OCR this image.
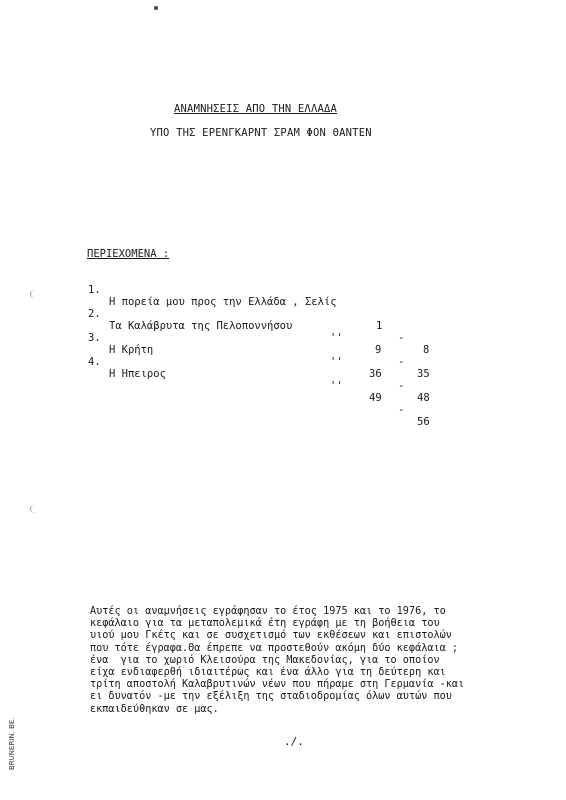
ΑΝΑΜΝΗΣΕΙΣ ΑΠΟ ΤΗΝ ΕΛΛΑΔΑ
ΥΠΟ ΤΗΣ ΕΡΕΝΓΚΑΡΝΤ ΣΡΑΜ ΦΟΝ ΘΑΝΤΕΝ
ΠΕΡΙΕΧΟΜΕΝΑ :

1.

Η πορεία μου προς την Ελλάδα , Σελίς

1

-

8

2.

Τα Καλάβρυτα της Πελοποννήσου

''

9

-

35

3.

Η Κρήτη

''

36

-

48

4.

Η Ηπειρος

''

49

-

56

Αυτές οι αναμνήσεις εγράφησαν το έτος 1975 και το 1976, το
κεφάλαιο για τα μεταπολεμικά έτη εγράφη με τη βοήθεια του
υιού μου Γκέτς και σε συσχετισμό των εκθέσεων και επιστολών
που τότε έγραφα.Θα έπρεπε να προστεθούν ακόμη δύο κεφάλαια ;
ένα  για το χωριό Κλεισούρα της Μακεδονίας, για το οποίον
είχα ενδιαφερθή ιδιαιτέρως και ένα άλλο για τη δεύτερη και
τρίτη αποστολή Καλαβρυτινών νέων που πήραμε στη Γερμανία -και
ει δυνατόν -με την εξέλιξη της σταδιοδρομίας όλων αυτών που
εκπαιδεύθηκαν σε μας.
./.
BRUNERIN. BE.
